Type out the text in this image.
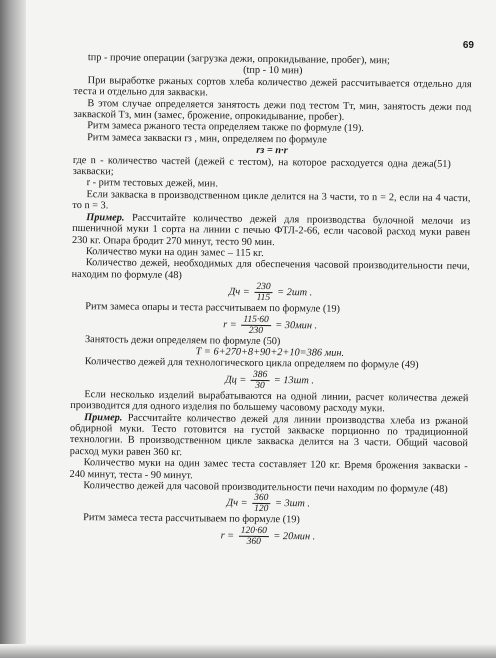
69

tпр - прочие операции (загрузка дежи, опрокидывание, пробег), мин;

(tпр - 10 мин)

При выработке ржаных сортов хлеба количество дежей рассчитывается отдельно для теста и отдельно для закваски.

В этом случае определяется занятость дежи под тестом Тт, мин, занятость дежи под закваской Тз, мин (замес, брожение, опрокидывание, пробег).

Ритм замеса ржаного теста определяем также по формуле (19).

Ритм замеса закваски rз , мин, определяем по формуле

rз = n·r

(51)
где n - количество частей (дежей с тестом), на которое расходуется одна дежа закваски;

r - ритм тестовых дежей, мин.

Если закваска в производственном цикле делится на 3 части, то n = 2, если на 4 части, то n = 3.

Пример. Рассчитайте количество дежей для производства булочной мелочи из пшеничной муки 1 сорта на линии с печью ФТЛ-2-66, если часовой расход муки равен 230 кг. Опара бродит 270 минут, тесто 90 мин.

Количество муки на один замес – 115 кг.

Количество дежей, необходимых для обеспечения часовой производительности печи, находим по формуле (48)

Дч = $\frac{230}{115} = 2шт$ .

Ритм замеса опары и теста рассчитываем по формуле (19)

$r = \frac{115\cdot 60}{230} = 30мин$ .

Занятость дежи определяем по формуле (50)

Т = 6+270+8+90+2+10=386 мин.

Количество дежей для технологического цикла определяем по формуле (49)

Дц = $\frac{386}{30} = 13шт$ .

Если несколько изделий вырабатываются на одной линии, расчет количества дежей производится для одного изделия по большему часовому расходу муки.

Пример. Рассчитайте количество дежей для линии производства хлеба из ржаной обдирной муки. Тесто готовится на густой закваске порционно по традиционной технологии. В производственном цикле закваска делится на 3 части. Общий часовой расход муки равен 360 кг.

Количество муки на один замес теста составляет 120 кг. Время брожения закваски - 240 минут, теста - 90 минут.

Количество дежей для часовой производительности печи находим по формуле (48)

Дч = $\frac{360}{120} = 3шт$ .

Ритм замеса теста рассчитываем по формуле (19)

$r = \frac{120\cdot 60}{360} = 20мин$ .
